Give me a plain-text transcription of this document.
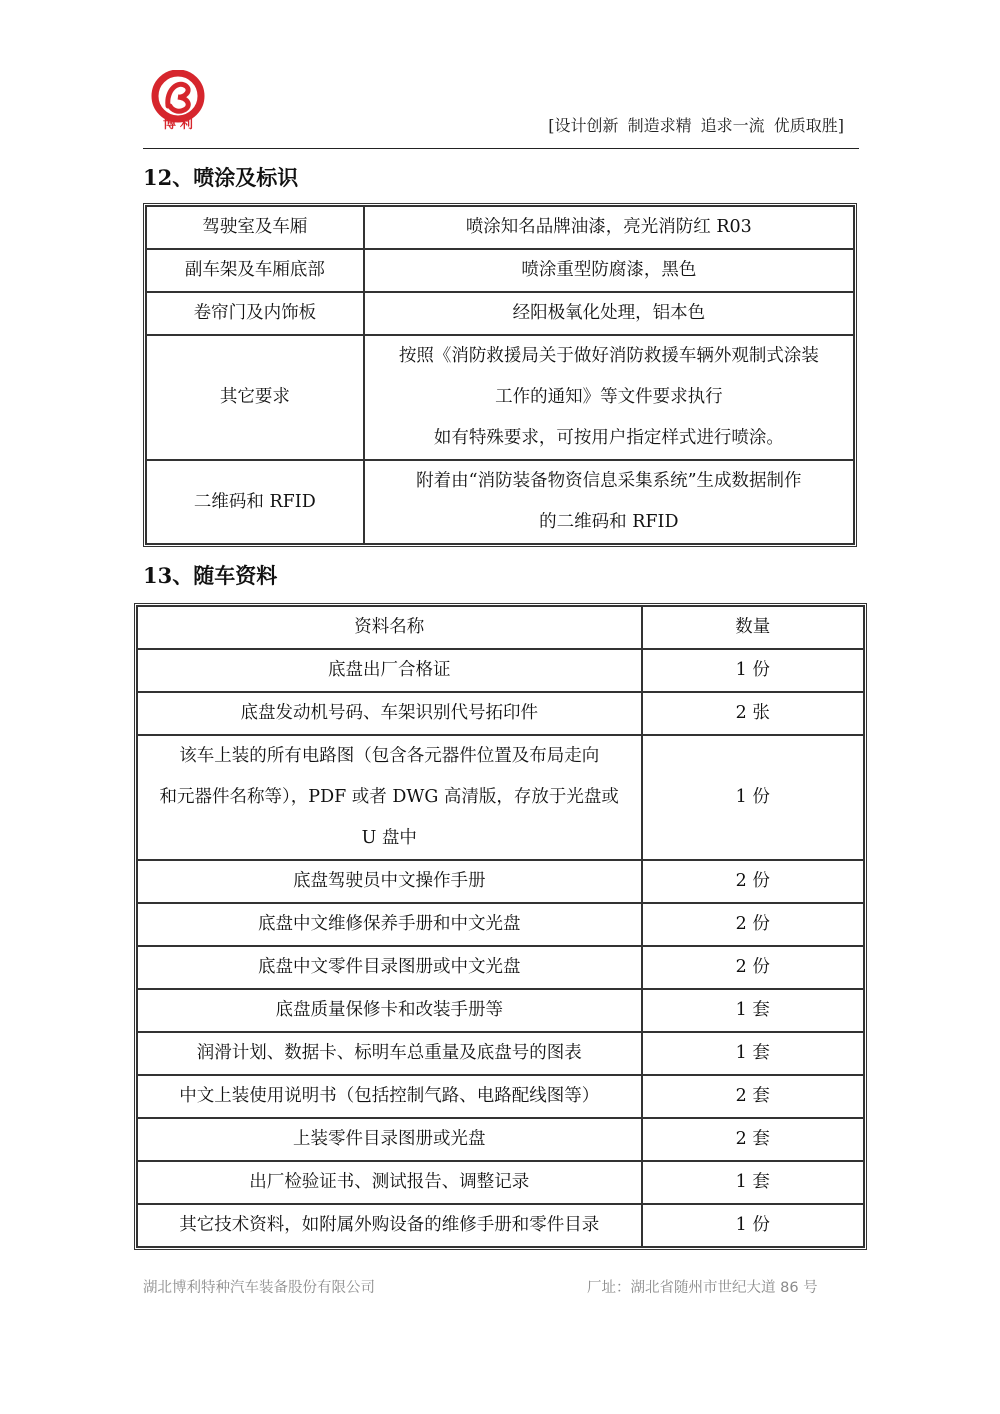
博利	[设计创新 制造求精 追求一流 优质取胜]
12、喷涂及标识
驾驶室及车厢	喷涂知名品牌油漆，亮光消防红 R03

副车架及车厢底部	喷涂重型防腐漆，黑色

卷帘门及内饰板	经阳极氧化处理，铝本色

其它要求	按照《消防救援局关于做好消防救援车辆外观制式涂装
工作的通知》等文件要求执行
如有特殊要求，可按用户指定样式进行喷涂。

二维码和 RFID	附着由“消防装备物资信息采集系统”生成数据制作
的二维码和 RFID
13、随车资料
资料名称	数量

底盘出厂合格证	1 份

底盘发动机号码、车架识别代号拓印件	2 张

该车上装的所有电路图（包含各元器件位置及布局走向
和元器件名称等），PDF 或者 DWG 高清版，存放于光盘或
U 盘中	1 份

底盘驾驶员中文操作手册	2 份

底盘中文维修保养手册和中文光盘	2 份

底盘中文零件目录图册或中文光盘	2 份

底盘质量保修卡和改装手册等	1 套

润滑计划、数据卡、标明车总重量及底盘号的图表	1 套

中文上装使用说明书（包括控制气路、电路配线图等）	2 套

上装零件目录图册或光盘	2 套

出厂检验证书、测试报告、调整记录	1 套

其它技术资料，如附属外购设备的维修手册和零件目录	1 份
湖北博利特种汽车装备股份有限公司	厂址：湖北省随州市世纪大道 86 号
